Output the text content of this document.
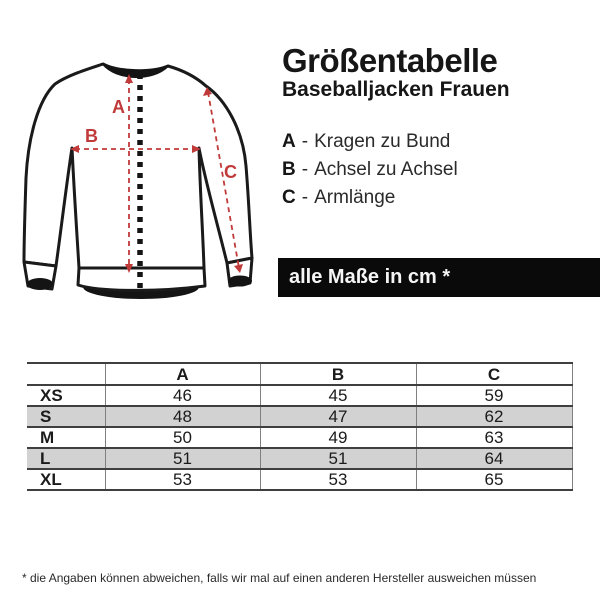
A
B
C
Größentabelle
Baseballjacken Frauen
A - Kragen zu Bund
B - Achsel zu Achsel
C - Armlänge
alle Maße in cm *
	A	B	C
XS	46	45	59
S	48	47	62
M	50	49	63
L	51	51	64
XL	53	53	65
* die Angaben können abweichen, falls wir mal auf einen anderen Hersteller ausweichen müssen
